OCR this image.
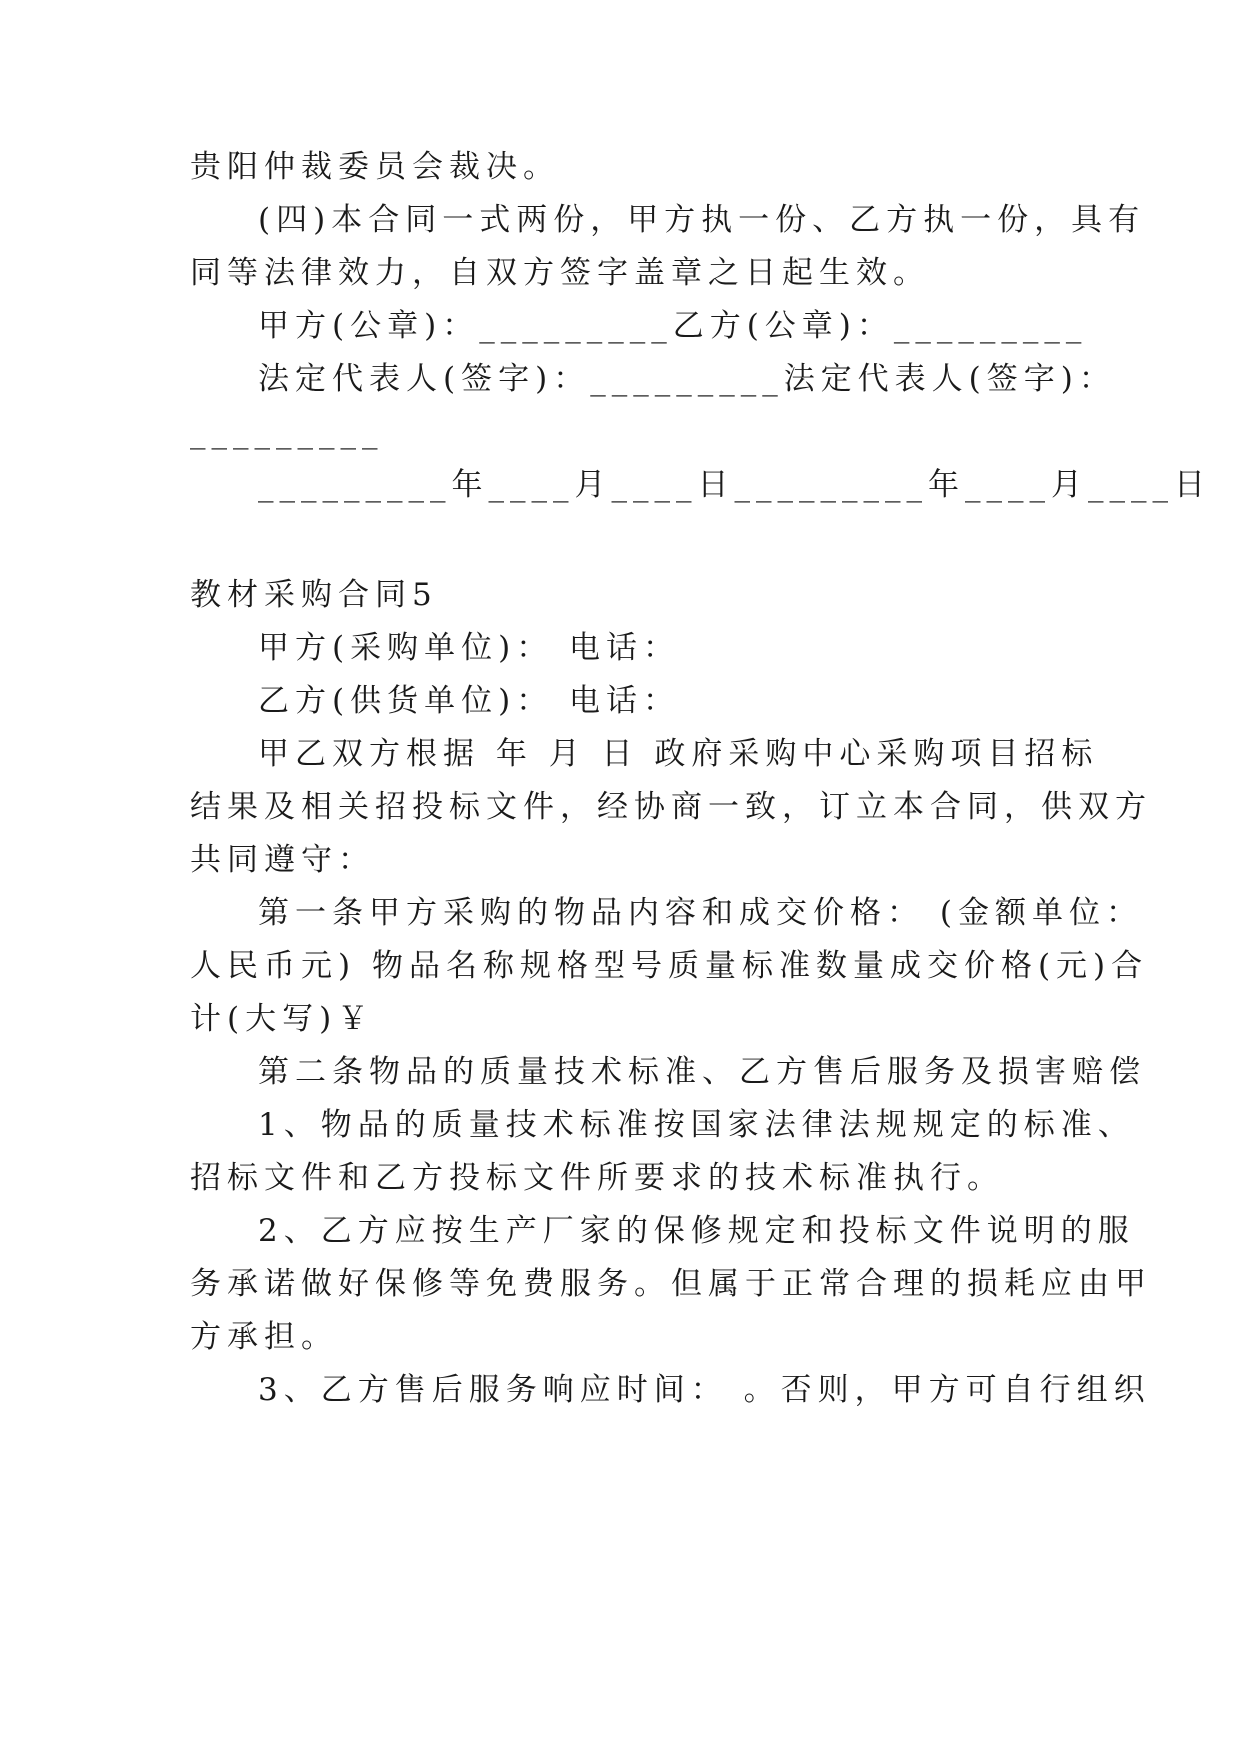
贵阳仲裁委员会裁决。
(四)本合同一式两份，甲方执一份、乙方执一份，具有
同等法律效力，自双方签字盖章之日起生效。
甲方(公章)：_________乙方(公章)：_________
法定代表人(签字)：_________法定代表人(签字)：
_________
_________年____月____日_________年____月____日
教材采购合同5
甲方(采购单位)： 电话：
乙方(供货单位)： 电话：
甲乙双方根据 年 月 日 政府采购中心采购项目招标
结果及相关招投标文件，经协商一致，订立本合同，供双方
共同遵守：
第一条甲方采购的物品内容和成交价格： (金额单位：
人民币元) 物品名称规格型号质量标准数量成交价格(元)合
计(大写)￥
第二条物品的质量技术标准、乙方售后服务及损害赔偿
1、物品的质量技术标准按国家法律法规规定的标准、
招标文件和乙方投标文件所要求的技术标准执行。
2、乙方应按生产厂家的保修规定和投标文件说明的服
务承诺做好保修等免费服务。但属于正常合理的损耗应由甲
方承担。
3、乙方售后服务响应时间： 。否则，甲方可自行组织
